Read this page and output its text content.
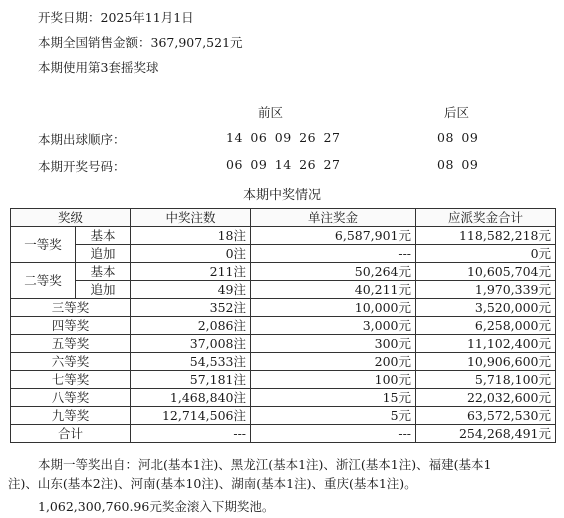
开奖日期：2025年11月1日
本期全国销售金额：367,907,521元
本期使用第3套摇奖球
前区	后区
本期出球顺序：	14 06 09 26 27	08 09
本期开奖号码：	06 09 14 26 27	08 09
本期中奖情况
奖级		中奖注数	单注奖金	应派奖金合计
一等奖	基本	18注	6,587,901元	118,582,218元
	追加	0注	---	0元
二等奖	基本	211注	50,264元	10,605,704元
	追加	49注	40,211元	1,970,339元
三等奖		352注	10,000元	3,520,000元
四等奖		2,086注	3,000元	6,258,000元
五等奖		37,008注	300元	11,102,400元
六等奖		54,533注	200元	10,906,600元
七等奖		57,181注	100元	5,718,100元
八等奖		1,468,840注	15元	22,032,600元
九等奖		12,714,506注	5元	63,572,530元
合计		---	---	254,268,491元
本期一等奖出自：河北(基本1注)、黑龙江(基本1注)、浙江(基本1注)、福建(基本1
注)、山东(基本2注)、河南(基本10注)、湖南(基本1注)、重庆(基本1注)。
1,062,300,760.96元奖金滚入下期奖池。
